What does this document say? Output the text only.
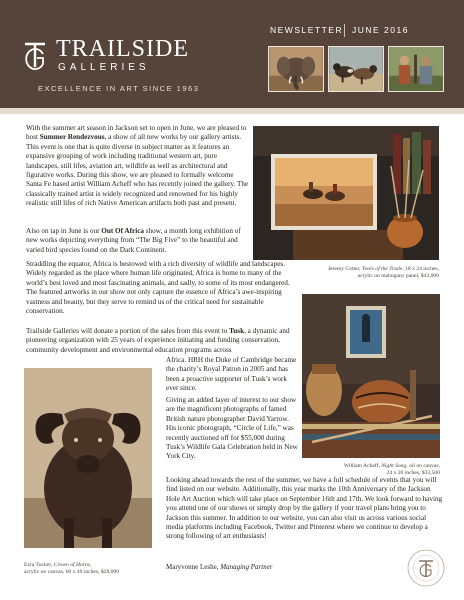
TRAILSIDE
GALLERIES
EXCELLENCE IN ART SINCE 1963
NEWSLETTER JUNE 2016
With the summer art season in Jackson set to open in June, we are pleased to host Summer Rendezvous, a show of all new works by our gallery artists. This event is one that is quite diverse in subject matter as it features an expansive grouping of work including traditional western art, pure landscapes, still lifes, aviation art, wildlife as well as architectural and figurative works. During this show, we are pleased to formally welcome Santa Fe based artist William Acheff who has recently joined the gallery. The classically trained artist is widely recognized and renowned for his highly realistic still lifes of rich Native American artifacts both past and present.
Also on tap in June is our Out Of Africa show, a month long exhibition of new works depicting everything from “The Big Five” to the beautiful and varied bird species found on the Dark Continent.
Straddling the equator, Africa is bestowed with a rich diversity of wildlife and landscapes. Widely regarded as the place where human life originated, Africa is home to many of the world’s best loved and most fascinating animals, and sadly, to some of its most endangered. The featured artworks in our show not only capture the essence of Africa’s awe-inspiring vastness and beauty, but they serve to remind us of the critical need for sustainable conservation.
Trailside Galleries will donate a portion of the sales from this event to Tusk, a dynamic and pioneering organization with 25 years of experience initiating and funding conservation, community development and environmental education programs across
Africa. HRH the Duke of Cambridge became the charity’s Royal Patron in 2005 and has been a proactive supporter of Tusk’s work ever since.
Giving an added layer of interest to our show are the magnificent photographs of famed British nature photographer David Yarrow. His iconic photograph, “Circle of Life,” was recently auctioned off for $55,000 during Tusk’s Wildlife Gala Celebration held in New York City.
Looking ahead towards the rest of the summer, we have a full schedule of events that you will find listed on our website. Additionally, this year marks the 10th Anniversary of the Jackson Hole Art Auction which will take place on September 16th and 17th. We look forward to having you attend one of our shows or simply drop by the gallery if your travel plans bring you to Jackson this summer. In addition to our website, you can also visit us across various social media platforms including Facebook, Twitter and Pinterest where we continue to develop a strong following of art enthusiasts!
Maryvonne Leshe, Managing Partner
Jeremy Cotter, Tools of the Trade, 18 x 24 inches,
acrylic on mahogany panel, $43,000
William Acheff, Night Song, oil on canvas,
24 x 20 inches, $33,500
Ezra Tucker, Crown of Horns,
acrylic on canvas, 60 x 40 inches, $28,000
